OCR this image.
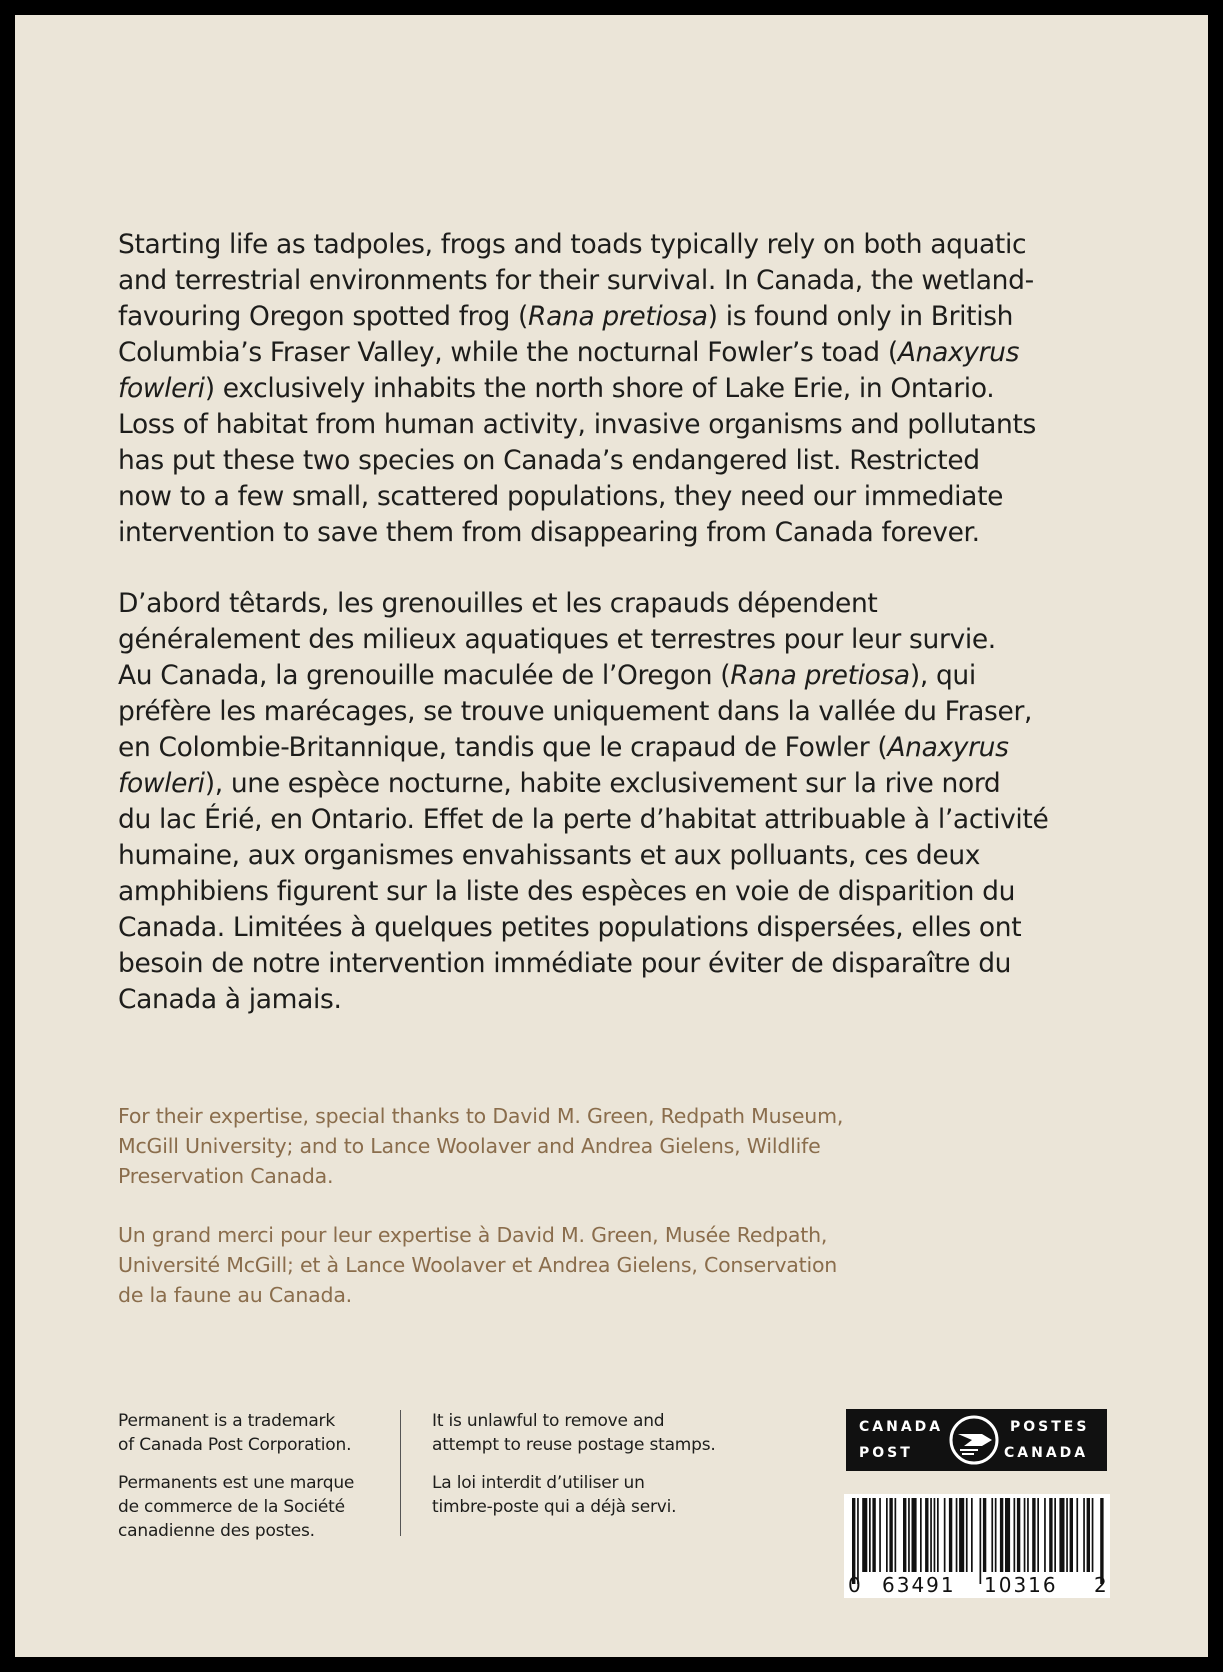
Starting life as tadpoles, frogs and toads typically rely on both aquatic
and terrestrial environments for their survival. In Canada, the wetland-
favouring Oregon spotted frog (Rana pretiosa) is found only in British
Columbia’s Fraser Valley, while the nocturnal Fowler’s toad (Anaxyrus
fowleri) exclusively inhabits the north shore of Lake Erie, in Ontario.
Loss of habitat from human activity, invasive organisms and pollutants
has put these two species on Canada’s endangered list. Restricted
now to a few small, scattered populations, they need our immediate
intervention to save them from disappearing from Canada forever.
D’abord têtards, les grenouilles et les crapauds dépendent
généralement des milieux aquatiques et terrestres pour leur survie.
Au Canada, la grenouille maculée de l’Oregon (Rana pretiosa), qui
préfère les marécages, se trouve uniquement dans la vallée du Fraser,
en Colombie-Britannique, tandis que le crapaud de Fowler (Anaxyrus
fowleri), une espèce nocturne, habite exclusivement sur la rive nord
du lac Érié, en Ontario. Effet de la perte d’habitat attribuable à l’activité
humaine, aux organismes envahissants et aux polluants, ces deux
amphibiens figurent sur la liste des espèces en voie de disparition du
Canada. Limitées à quelques petites populations dispersées, elles ont
besoin de notre intervention immédiate pour éviter de disparaître du
Canada à jamais.
For their expertise, special thanks to David M. Green, Redpath Museum,
McGill University; and to Lance Woolaver and Andrea Gielens, Wildlife
Preservation Canada.
Un grand merci pour leur expertise à David M. Green, Musée Redpath,
Université McGill; et à Lance Woolaver et Andrea Gielens, Conservation
de la faune au Canada.
Permanent is a trademark
of Canada Post Corporation.
Permanents est une marque
de commerce de la Société
canadienne des postes.
It is unlawful to remove and
attempt to reuse postage stamps.
La loi interdit d’utiliser un
timbre-poste qui a déjà servi.
CANADA
POST
POSTES
CANADA
0 63491 10316 2
